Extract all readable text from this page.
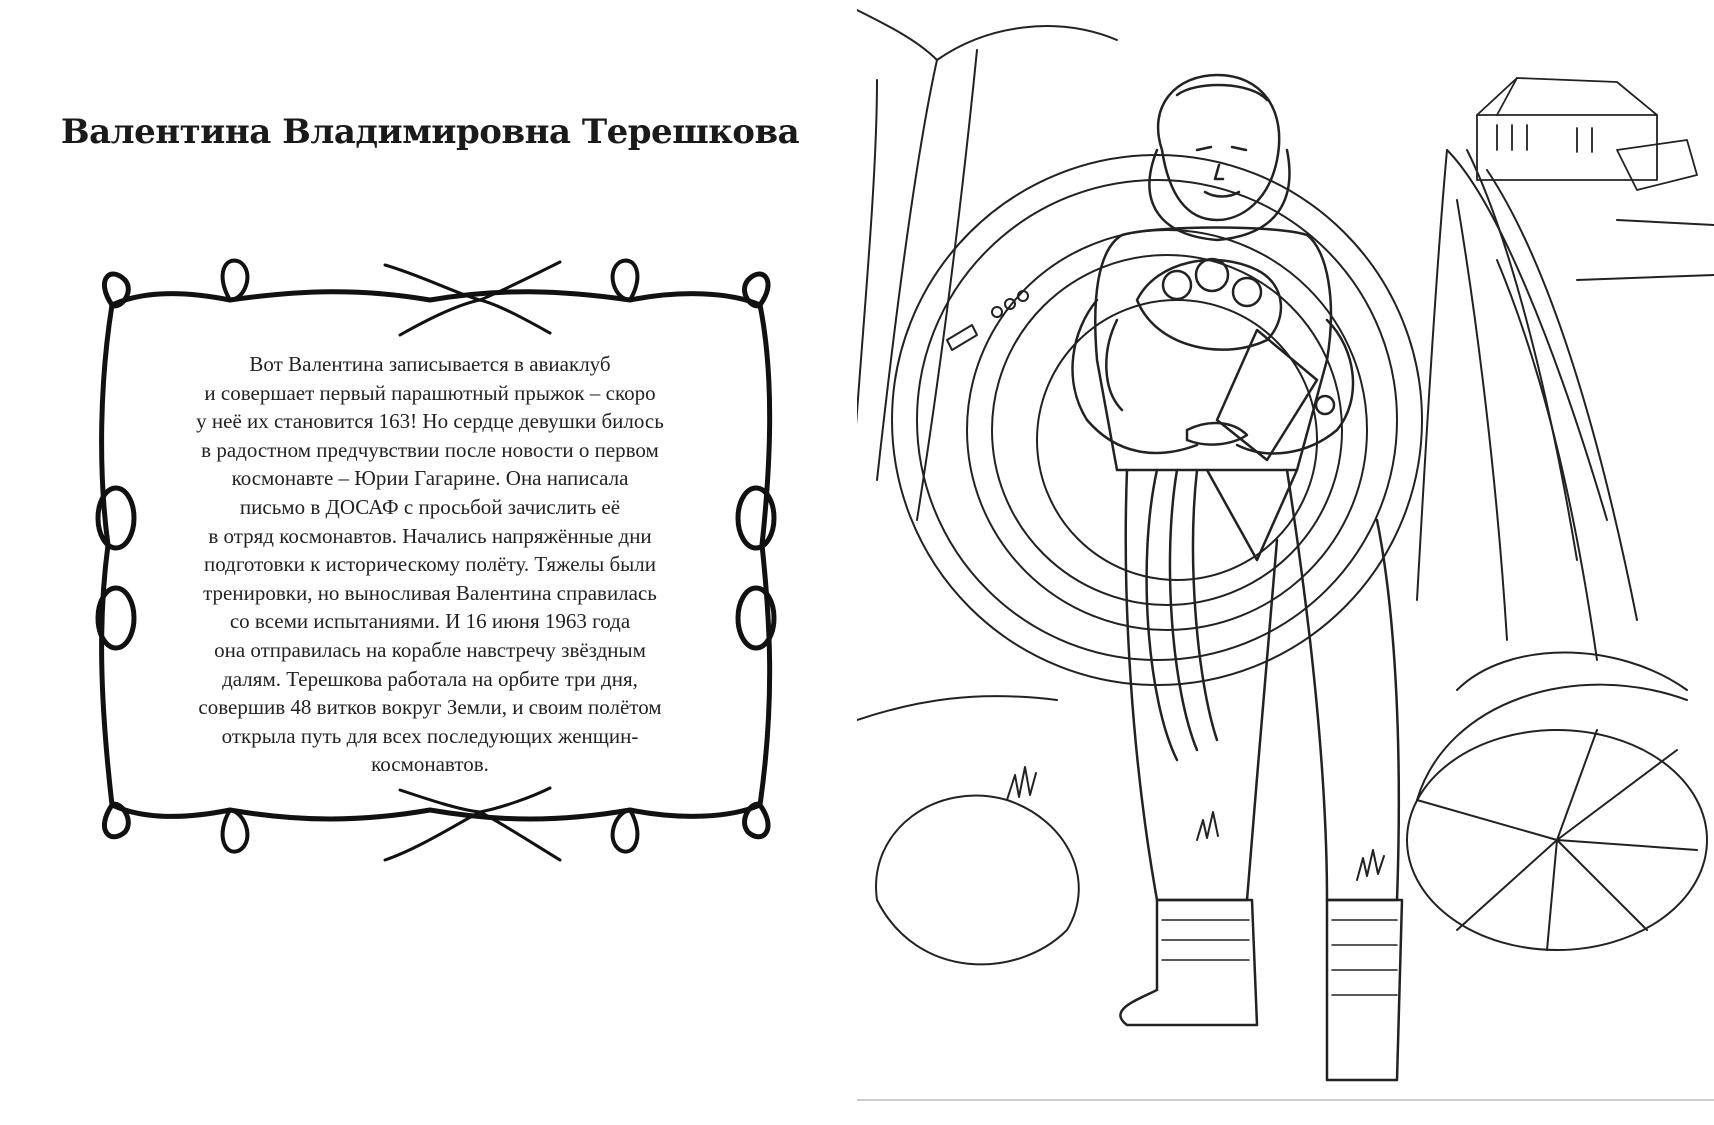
Валентина Владимировна Терешкова
Вот Валентина записывается в авиаклуб
и совершает первый парашютный прыжок – скоро
у неё их становится 163! Но сердце девушки билось
в радостном предчувствии после новости о первом
космонавте – Юрии Гагарине. Она написала
письмо в ДОСАФ с просьбой зачислить её
в отряд космонавтов. Начались напряжённые дни
подготовки к историческому полёту. Тяжелы были
тренировки, но выносливая Валентина справилась
со всеми испытаниями. И 16 июня 1963 года
она отправилась на корабле навстречу звёздным
далям. Терешкова работала на орбите три дня,
совершив 48 витков вокруг Земли, и своим полётом
открыла путь для всех последующих женщин-
космонавтов.
